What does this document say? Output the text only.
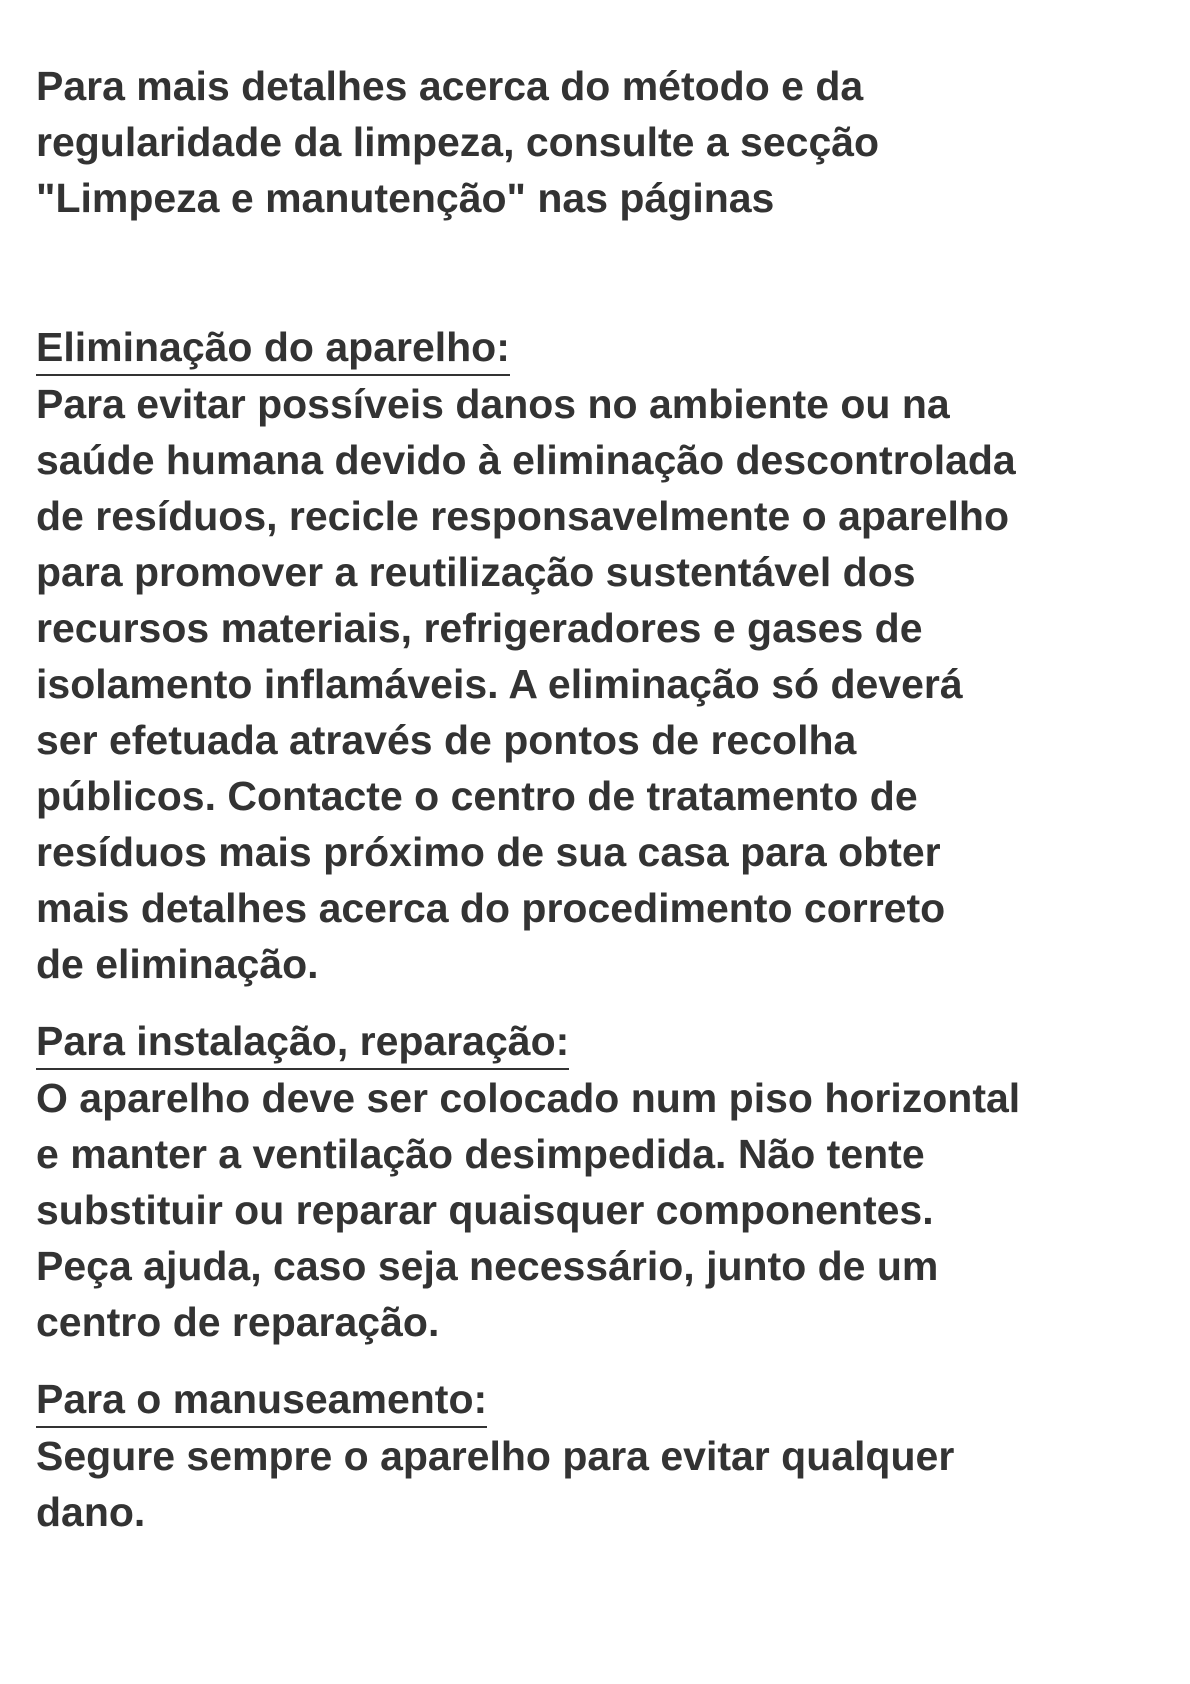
Para mais detalhes acerca do método e da
regularidade da limpeza, consulte a secção
"Limpeza e manutenção" nas páginas

Eliminação do aparelho:

Para evitar possíveis danos no ambiente ou na
saúde humana devido à eliminação descontrolada
de resíduos, recicle responsavelmente o aparelho
para promover a reutilização sustentável dos
recursos materiais, refrigeradores e gases de
isolamento inflamáveis. A eliminação só deverá
ser efetuada através de pontos de recolha
públicos. Contacte o centro de tratamento de
resíduos mais próximo de sua casa para obter
mais detalhes acerca do procedimento correto
de eliminação.

Para instalação, reparação:

O aparelho deve ser colocado num piso horizontal
e manter a ventilação desimpedida. Não tente
substituir ou reparar quaisquer componentes.
Peça ajuda, caso seja necessário, junto de um
centro de reparação.

Para o manuseamento:

Segure sempre o aparelho para evitar qualquer
dano.
